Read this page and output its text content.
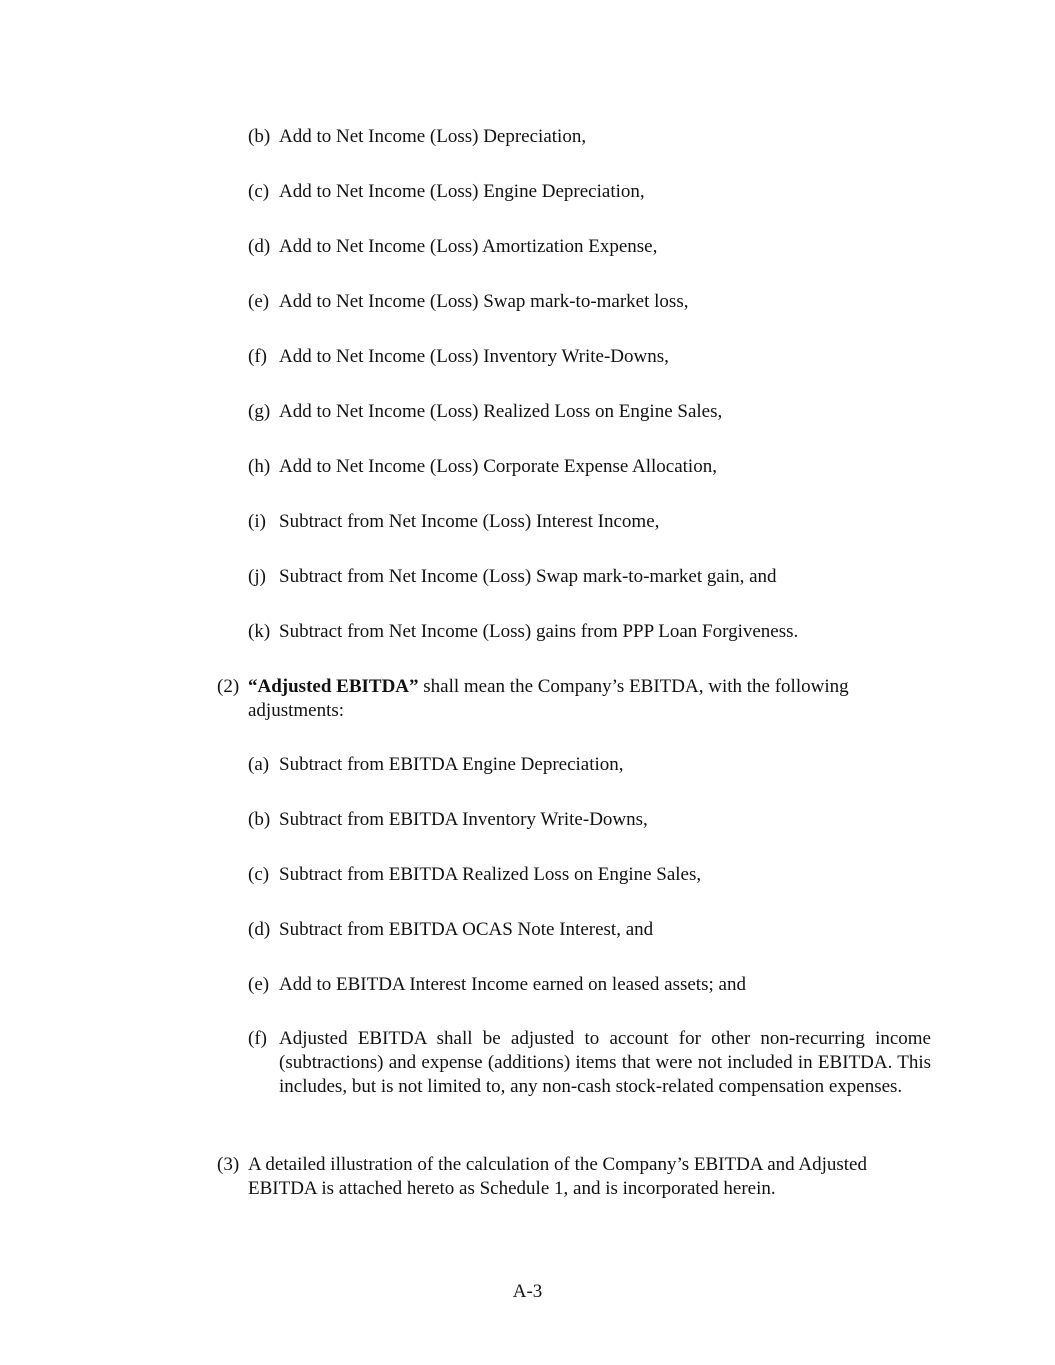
(b) Add to Net Income (Loss) Depreciation,
(c) Add to Net Income (Loss) Engine Depreciation,
(d) Add to Net Income (Loss) Amortization Expense,
(e) Add to Net Income (Loss) Swap mark-to-market loss,
(f) Add to Net Income (Loss) Inventory Write-Downs,
(g) Add to Net Income (Loss) Realized Loss on Engine Sales,
(h) Add to Net Income (Loss) Corporate Expense Allocation,
(i) Subtract from Net Income (Loss) Interest Income,
(j) Subtract from Net Income (Loss) Swap mark-to-market gain, and
(k) Subtract from Net Income (Loss) gains from PPP Loan Forgiveness.
(2) “Adjusted EBITDA” shall mean the Company’s EBITDA, with the following adjustments:
(a) Subtract from EBITDA Engine Depreciation,
(b) Subtract from EBITDA Inventory Write-Downs,
(c) Subtract from EBITDA Realized Loss on Engine Sales,
(d) Subtract from EBITDA OCAS Note Interest, and
(e) Add to EBITDA Interest Income earned on leased assets; and
(f) Adjusted EBITDA shall be adjusted to account for other non-recurring income (subtractions) and expense (additions) items that were not included in EBITDA. This includes, but is not limited to, any non-cash stock-related compensation expenses.
(3) A detailed illustration of the calculation of the Company’s EBITDA and Adjusted EBITDA is attached hereto as Schedule 1, and is incorporated herein.
A-3
